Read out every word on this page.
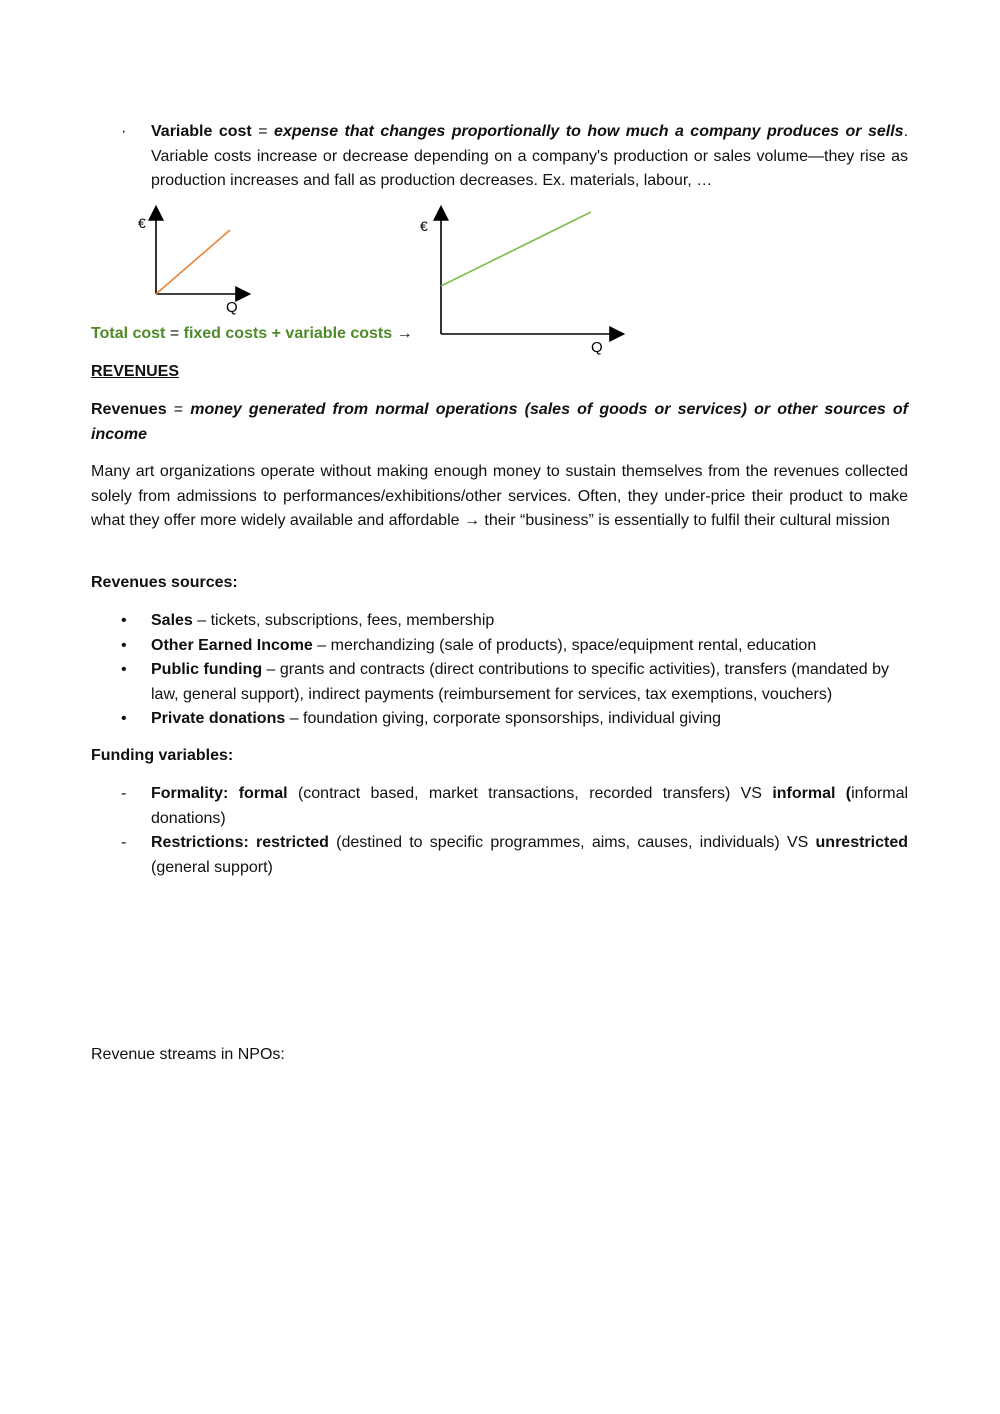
·	Variable cost = expense that changes proportionally to how much a company produces or sells. Variable costs increase or decrease depending on a company's production or sales volume—they rise as production increases and fall as production decreases. Ex. materials, labour, …
€
Q
€
Q
Total cost = fixed costs + variable costs →
REVENUES
Revenues = money generated from normal operations (sales of goods or services) or other sources of income
Many art organizations operate without making enough money to sustain themselves from the revenues collected solely from admissions to performances/exhibitions/other services. Often, they under-price their product to make what they offer more widely available and affordable → their “business” is essentially to fulfil their cultural mission
Revenues sources:
•	Sales – tickets, subscriptions, fees, membership
•	Other Earned Income – merchandizing (sale of products), space/equipment rental, education
•	Public funding – grants and contracts (direct contributions to specific activities), transfers (mandated by law, general support), indirect payments (reimbursement for services, tax exemptions, vouchers)
•	Private donations – foundation giving, corporate sponsorships, individual giving
Funding variables:
-	Formality: formal (contract based, market transactions, recorded transfers) VS informal (informal donations)
-	Restrictions: restricted (destined to specific programmes, aims, causes, individuals) VS unrestricted (general support)
Revenue streams in NPOs:
